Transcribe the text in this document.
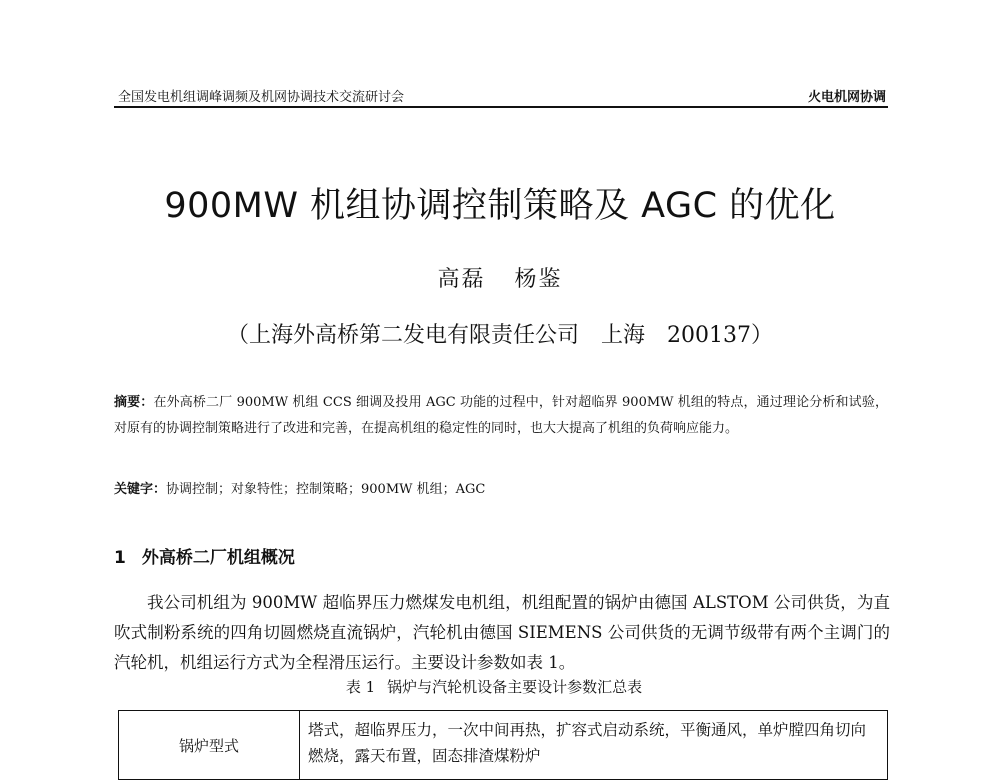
全国发电机组调峰调频及机网协调技术交流研讨会	火电机网协调
900MW 机组协调控制策略及 AGC 的优化
高磊 杨鉴
（上海外高桥第二发电有限责任公司　上海　200137）
摘要：在外高桥二厂 900MW 机组 CCS 细调及投用 AGC 功能的过程中，针对超临界 900MW 机组的特点，通过理论分析和试验，对原有的协调控制策略进行了改进和完善，在提高机组的稳定性的同时，也大大提高了机组的负荷响应能力。
关键字：协调控制；对象特性；控制策略；900MW 机组；AGC
1 外高桥二厂机组概况
我公司机组为 900MW 超临界压力燃煤发电机组，机组配置的锅炉由德国 ALSTOM 公司供货，为直吹式制粉系统的四角切圆燃烧直流锅炉，汽轮机由德国 SIEMENS 公司供货的无调节级带有两个主调门的汽轮机，机组运行方式为全程滑压运行。主要设计参数如表 1。
表 1 锅炉与汽轮机设备主要设计参数汇总表
锅炉型式	塔式，超临界压力，一次中间再热，扩容式启动系统，平衡通风，单炉膛四角切向燃烧，露天布置，固态排渣煤粉炉
